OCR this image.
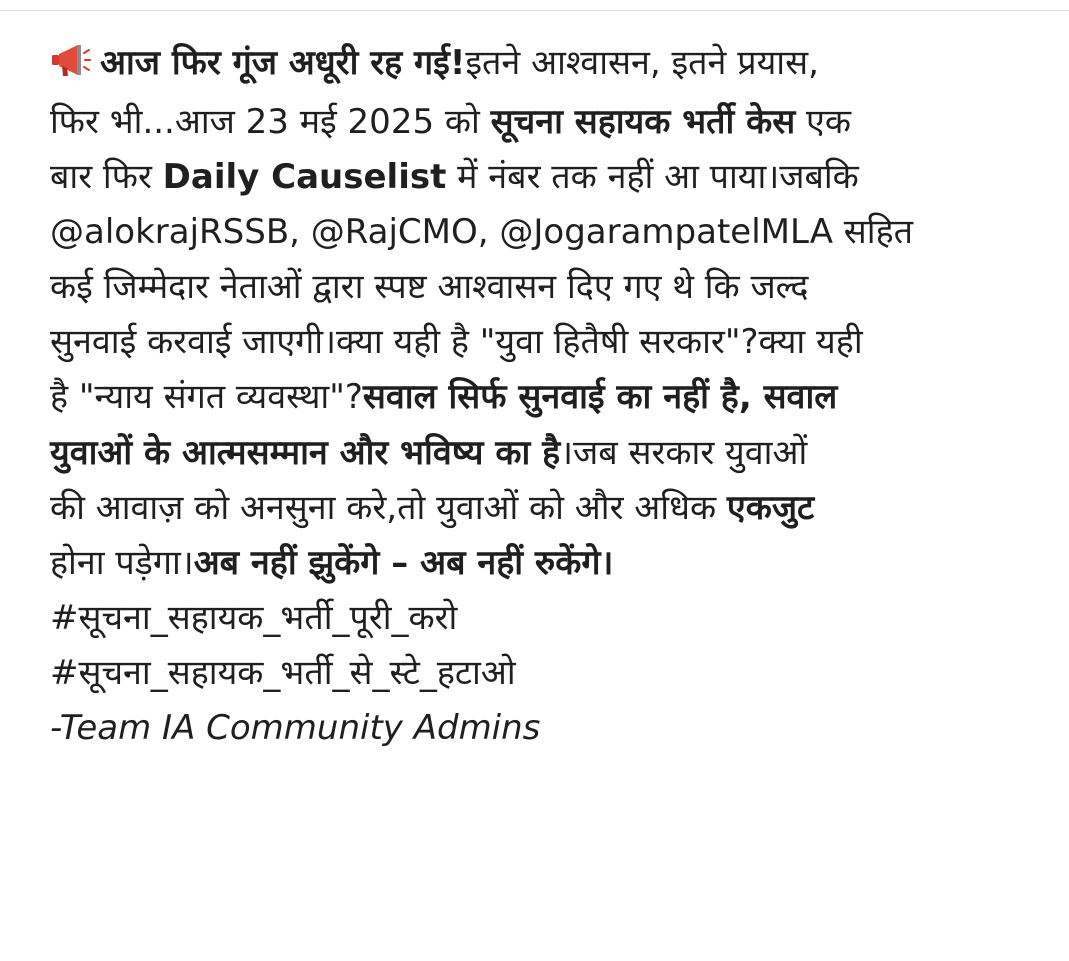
आज फिर गूंज अधूरी रह गई!इतने आश्वासन, इतने प्रयास,
फिर भी...आज 23 मई 2025 को सूचना सहायक भर्ती केस एक
बार फिर Daily Causelist में नंबर तक नहीं आ पाया।जबकि
@alokrajRSSB, @RajCMO, @JogarampatelMLA सहित
कई जिम्मेदार नेताओं द्वारा स्पष्ट आश्वासन दिए गए थे कि जल्द
सुनवाई करवाई जाएगी।क्या यही है "युवा हितैषी सरकार"?क्या यही
है "न्याय संगत व्यवस्था"?सवाल सिर्फ सुनवाई का नहीं है, सवाल
युवाओं के आत्मसम्मान और भविष्य का है।जब सरकार युवाओं
की आवाज़ को अनसुना करे,तो युवाओं को और अधिक एकजुट
होना पड़ेगा।अब नहीं झुकेंगे – अब नहीं रुकेंगे।
#सूचना_सहायक_भर्ती_पूरी_करो
#सूचना_सहायक_भर्ती_से_स्टे_हटाओ
-Team IA Community Admins
